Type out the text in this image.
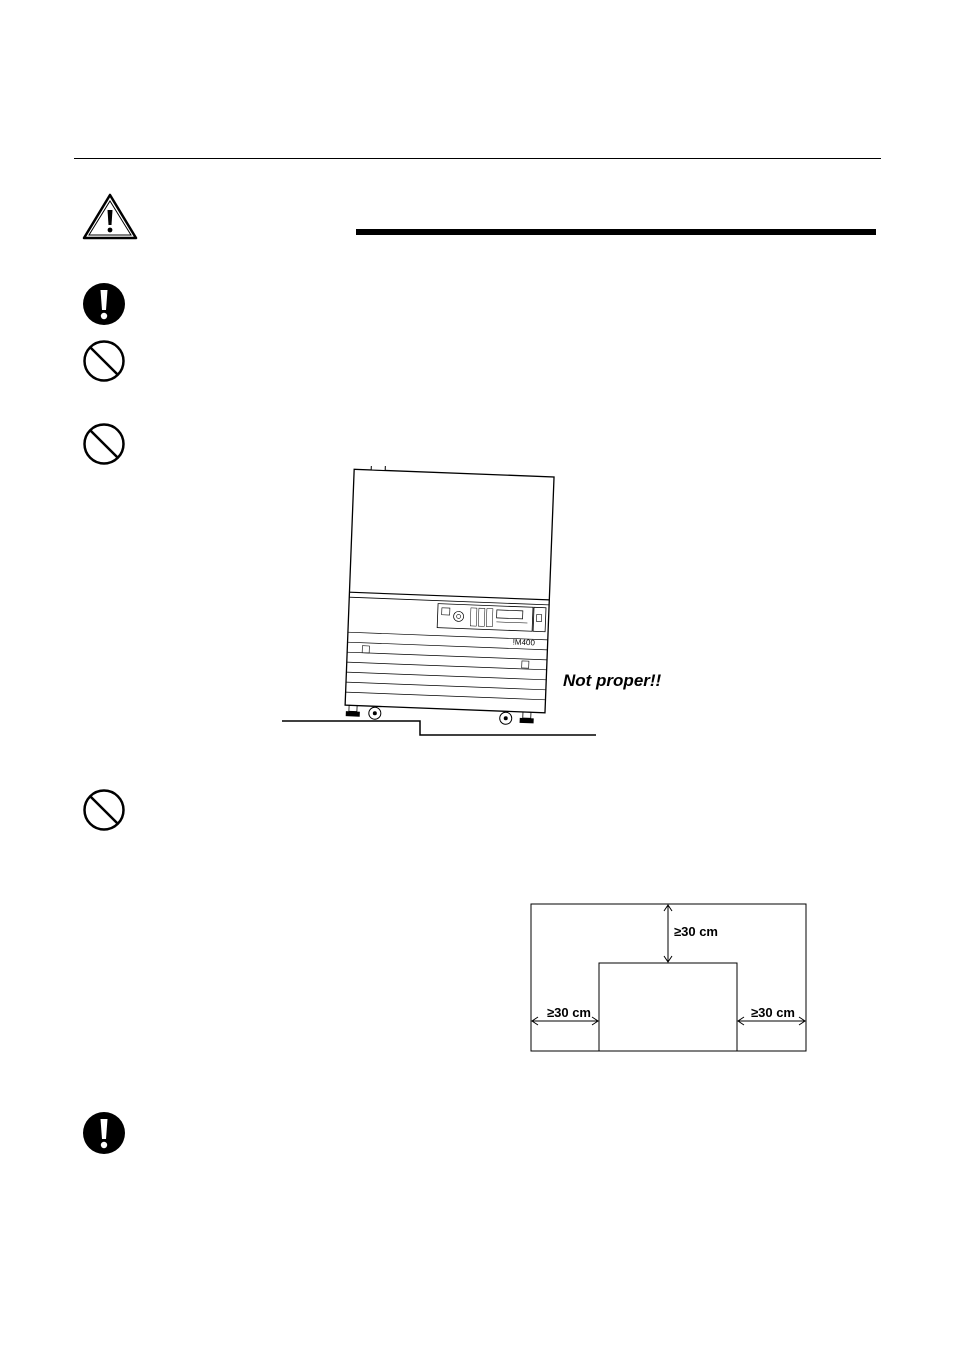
!M400
Not proper!!
≥30 cm
≥30 cm	≥30 cm
